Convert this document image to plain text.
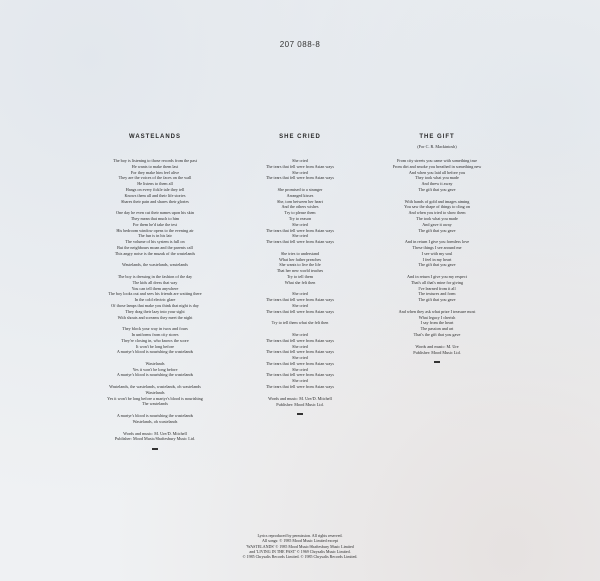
207 088-8
WASTELANDS
The boy is listening to those records from the past
He wants to make them last
For they make him feel alive
They are the voices of the faces on the wall
He listens to them all
Hangs on every fickle tale they tell
Knows them all and their life stories
Shares their pain and shares their glories
One day he even cut their names upon his skin
They mean that much to him
For them he'd take the test
His bedroom window opens to the evening air
The fun is in his lair
The volume of his system is full on
But the neighbours moan and the parents call
This angry noise is the muzak of the wastelands
Wastelands, the wastelands, wastelands
The boy is dressing in the fashion of the day
The kids all dress that way
You can tell them anywhere
The boy looks out and sees his friends are waiting there
In the cold electric glare
Of those lamps that make you think that night is day
They drag their lazy into your sight
With shouts and screams they meet the night
They block your way in twos and fours
In uniforms from city stores
They're closing in, who knows the score
It won't be long before
A martyr's blood is nourishing the wastelands
Wastelands
Yes it won't be long before
A martyr's blood is nourishing the wastelands
Wastelands, the wastelands, wastelands, oh wastelands
Wastelands
Yes it won't be long before a martyr's blood is nourishing
The wastelands
A martyr's blood is nourishing the wastelands
Wastelands, oh wastelands
Words and music: M. Ure/D. Mitchell
Publisher: Mood Music/Shaftesbury Music Ltd.
SHE CRIED
She cried
The tears that fell were from Asian ways
She cried
The tears that fell were from Asian ways
She promised to a stranger
Arranged kisses
She, torn between her heart
And the others wishes
Try to please them
Try to reason
She cried
The tears that fell were from Asian ways
She cried
The tears that fell were from Asian ways
She tries to understand
What her father preaches
She wants to live the life
That her new world teaches
Try to tell them
What she felt then
She cried
The tears that fell were from Asian ways
She cried
The tears that fell were from Asian ways
Try to tell them what she felt then
She cried
The tears that fell were from Asian ways
She cried
The tears that fell were from Asian ways
She cried
The tears that fell were from Asian ways
She cried
The tears that fell were from Asian ways
She cried
The tears that fell were from Asian ways
Words and music: M. Ure/D. Mitchell
Publisher: Mood Music Ltd.
THE GIFT
(For C. R. Mackintosh)
From city streets you came with something true
From dirt and smoke you breathed in something new
And when you laid all before you
They took what you made
And threw it away
The gift that you gave
With hands of gold and images aiming
You saw the shape of things to cling on
And when you tried to show them
The took what you made
And gave it away
The gift that you gave
And in return I give you formless love
These things I see around me
I see with my soul
I feel in my heart
The gift that you gave
And in return I give you my respect
That's all that's mine for giving
I've learned from it all
The textures and form
The gift that you gave
And when they ask what prize I treasure most
What legacy I cherish
I say from the heart
The passion and art
That's the gift that you gave
Words and music: M. Ure
Publisher: Mood Music Ltd.
Lyrics reproduced by permission. All rights reserved.
All songs: © 1985 Mood Music Limited except
'WASTELANDS' © 1985 Mood Music/Shaftesbury Music Limited
and 'LIVING IN THE PAST' © 1969 Chrysalis Music Limited.
© 1985 Chrysalis Records Limited. © 1985 Chrysalis Records Limited.
